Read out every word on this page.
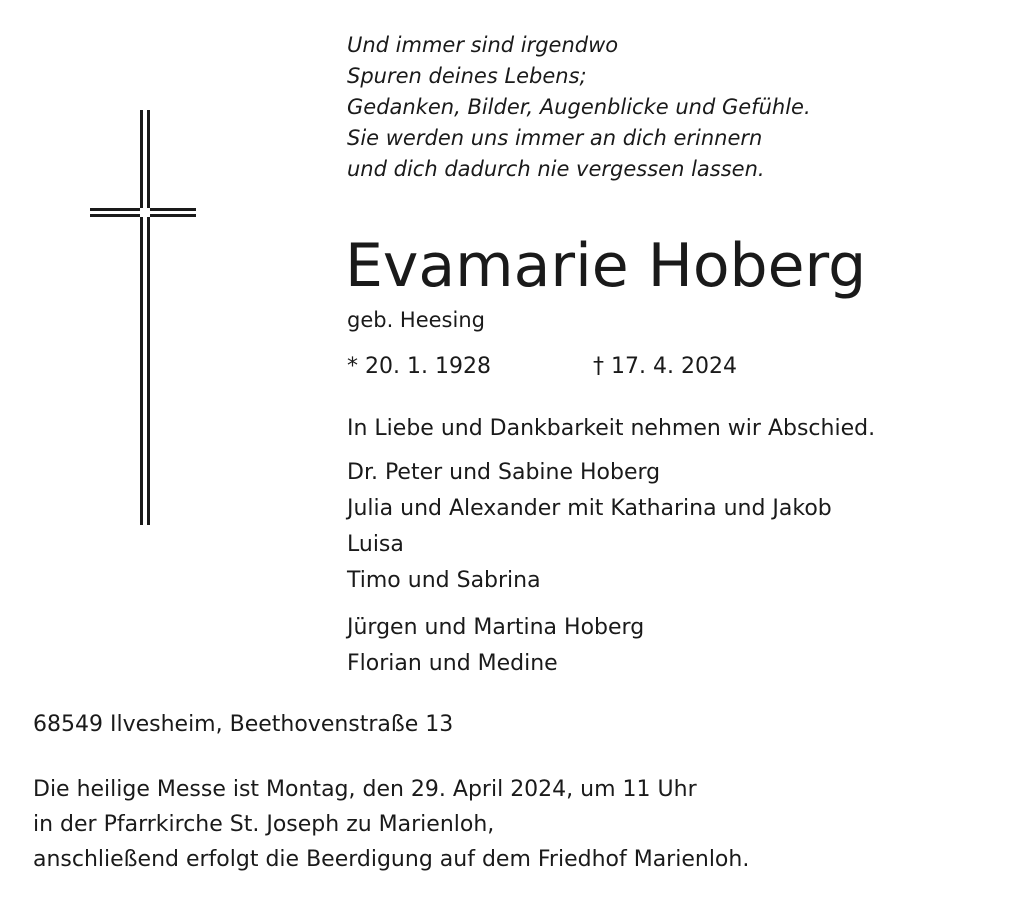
Und immer sind irgendwo
Spuren deines Lebens;
Gedanken, Bilder, Augenblicke und Gefühle.
Sie werden uns immer an dich erinnern
und dich dadurch nie vergessen lassen.
Evamarie Hoberg
geb. Heesing
* 20. 1. 1928	† 17. 4. 2024
In Liebe und Dankbarkeit nehmen wir Abschied.
Dr. Peter und Sabine Hoberg
Julia und Alexander mit Katharina und Jakob
Luisa
Timo und Sabrina
Jürgen und Martina Hoberg
Florian und Medine
68549 Ilvesheim, Beethovenstraße 13
Die heilige Messe ist Montag, den 29. April 2024, um 11 Uhr
in der Pfarrkirche St. Joseph zu Marienloh,
anschließend erfolgt die Beerdigung auf dem Friedhof Marienloh.
